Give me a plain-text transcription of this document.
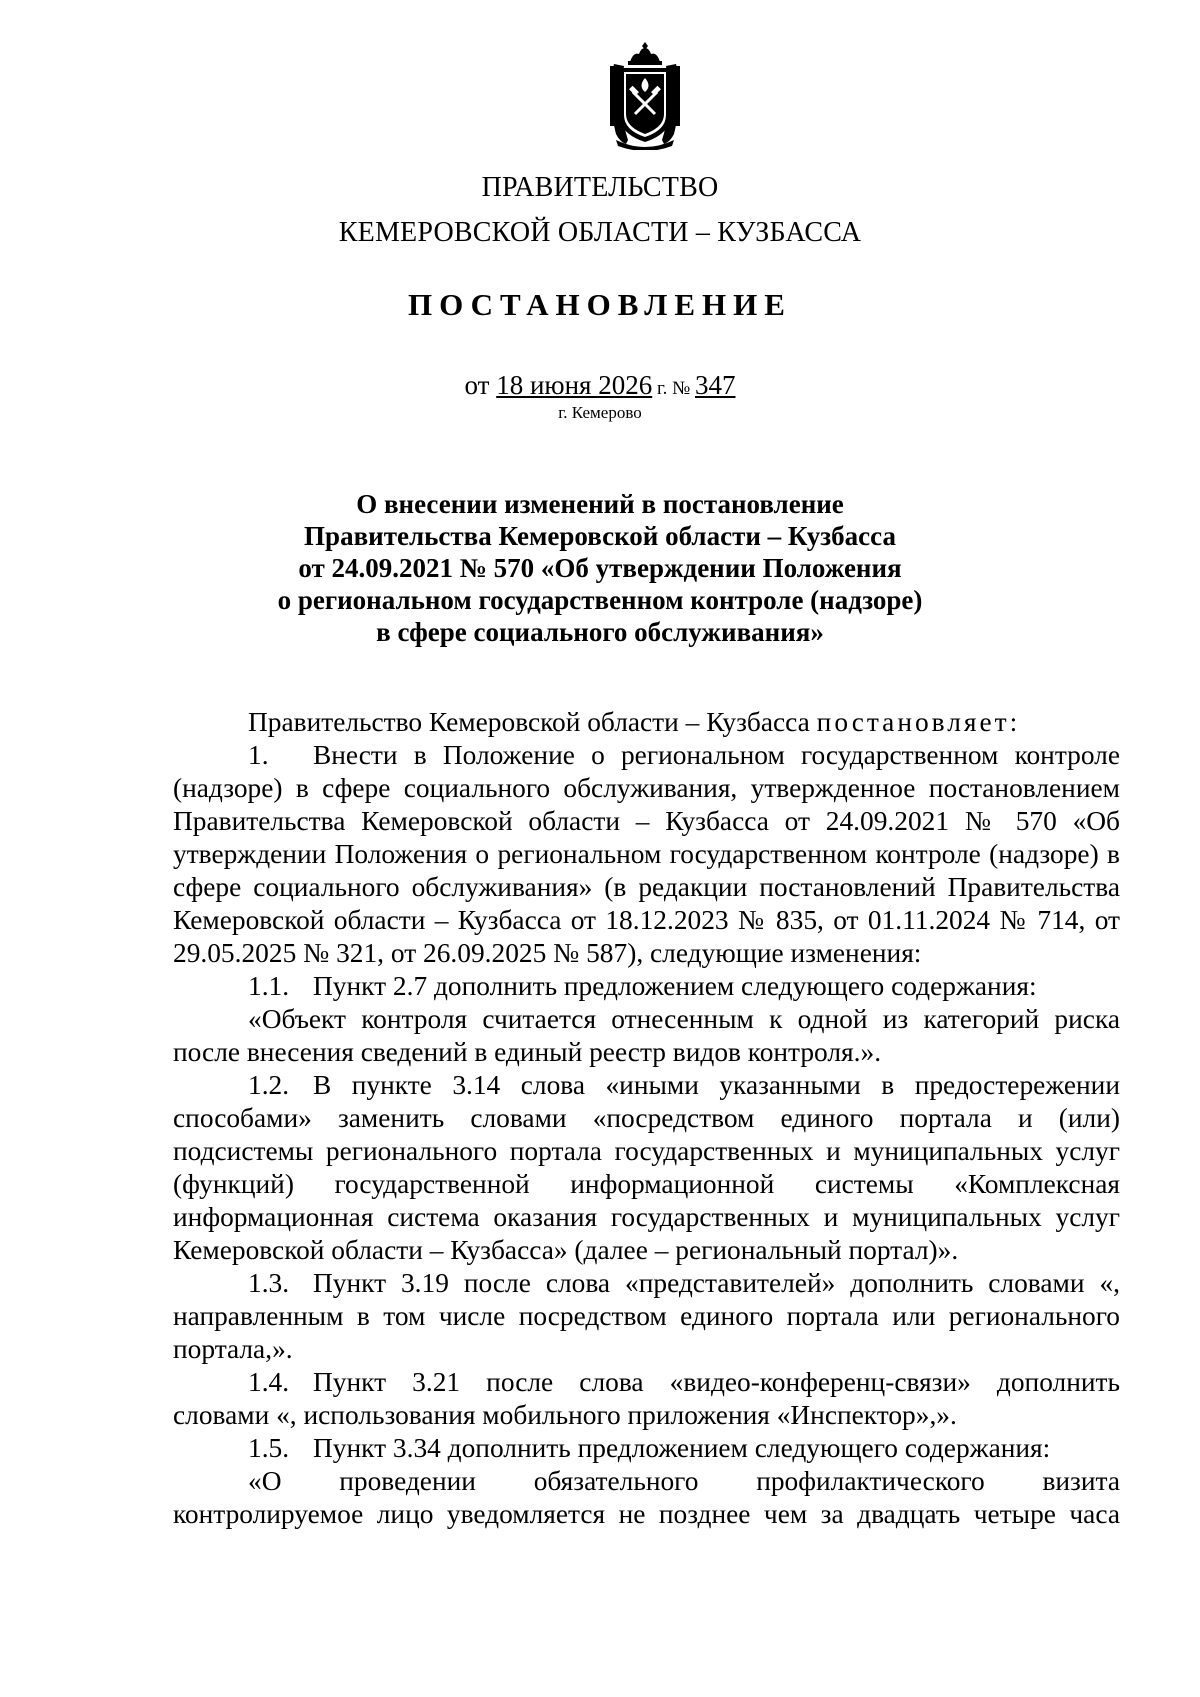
ПРАВИТЕЛЬСТВО
КЕМЕРОВСКОЙ ОБЛАСТИ – КУЗБАССА
ПОСТАНОВЛЕНИЕ
от 18 июня 2026 г. № 347
г. Кемерово
О внесении изменений в постановление
Правительства Кемеровской области – Кузбасса
от 24.09.2021 № 570 «Об утверждении Положения
о региональном государственном контроле (надзоре)
в сфере социального обслуживания»

Правительство Кемеровской области – Кузбасса постановляет:

1. Внести в Положение о региональном государственном контроле (надзоре) в сфере социального обслуживания, утвержденное постановлением Правительства Кемеровской области – Кузбасса от 24.09.2021 № 570 «Об утверждении Положения о региональном государственном контроле (надзоре) в сфере социального обслуживания» (в редакции постановлений Правительства Кемеровской области – Кузбасса от 18.12.2023 № 835, от 01.11.2024 № 714, от 29.05.2025 № 321, от 26.09.2025 № 587), следующие изменения:

1.1. Пункт 2.7 дополнить предложением следующего содержания:

«Объект контроля считается отнесенным к одной из категорий риска после внесения сведений в единый реестр видов контроля.».

1.2. В пункте 3.14 слова «иными указанными в предостережении способами» заменить словами «посредством единого портала и (или) подсистемы регионального портала государственных и муниципальных услуг (функций) государственной информационной системы «Комплексная информационная система оказания государственных и муниципальных услуг Кемеровской области – Кузбасса» (далее – региональный портал)».

1.3. Пункт 3.19 после слова «представителей» дополнить словами «, направленным в том числе посредством единого портала или регионального портала,».

1.4. Пункт 3.21 после слова «видео-конференц-связи» дополнить словами «, использования мобильного приложения «Инспектор»,».

1.5. Пункт 3.34 дополнить предложением следующего содержания:

«О проведении обязательного профилактического визита

контролируемое лицо уведомляется не позднее чем за двадцать четыре часа
